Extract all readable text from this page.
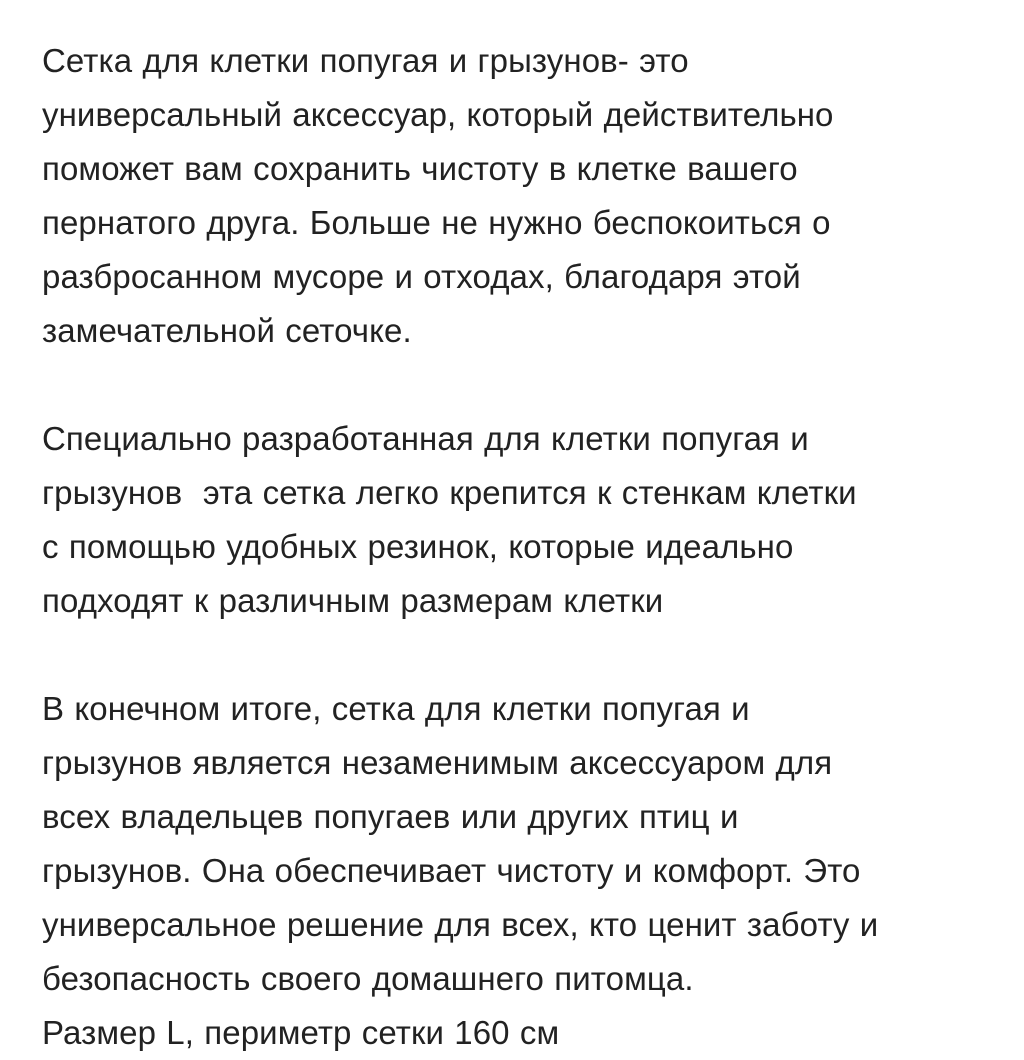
Сетка для клетки попугая и грызунов- это
универсальный аксессуар, который действительно
поможет вам сохранить чистоту в клетке вашего
пернатого друга. Больше не нужно беспокоиться о
разбросанном мусоре и отходах, благодаря этой
замечательной сеточке.
Специально разработанная для клетки попугая и
грызунов  эта сетка легко крепится к стенкам клетки
с помощью удобных резинок, которые идеально
подходят к различным размерам клетки
В конечном итоге, сетка для клетки попугая и
грызунов является незаменимым аксессуаром для
всех владельцев попугаев или других птиц и
грызунов. Она обеспечивает чистоту и комфорт. Это
универсальное решение для всех, кто ценит заботу и
безопасность своего домашнего питомца.
Размер L, периметр сетки 160 см
